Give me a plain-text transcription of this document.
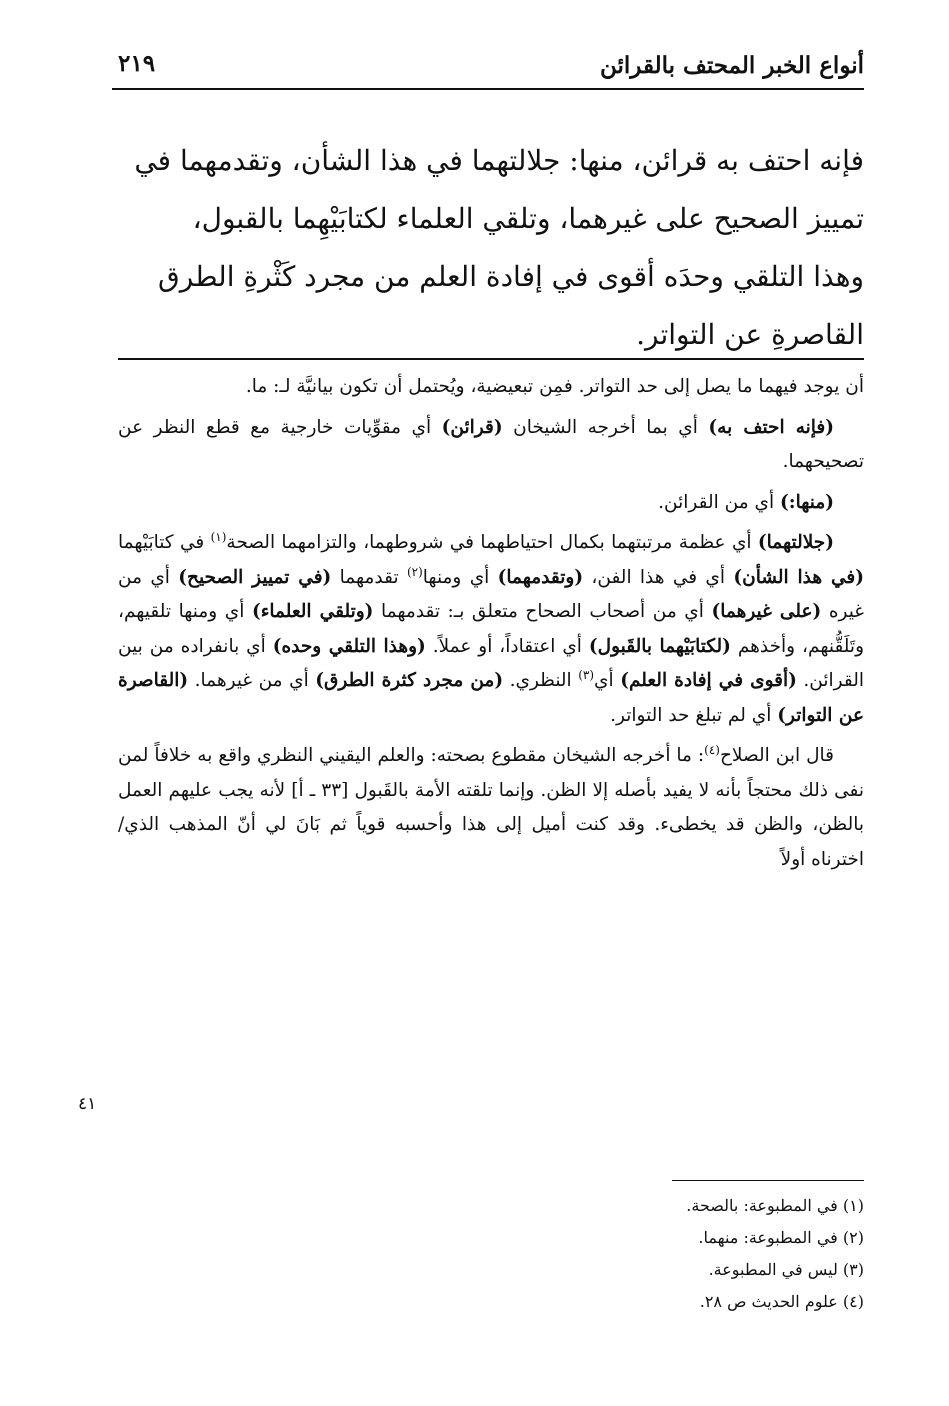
أنواع الخبر المحتف بالقرائن
٢١٩

فإنه احتف به قرائن، منها: جلالتهما في هذا الشأن، وتقدمهما في

تمييز الصحيح على غيرهما، وتلقي العلماء لكتابَيْهِما بالقبول،

وهذا التلقي وحدَه أقوى في إفادة العلم من مجرد كَثْرةِ الطرق

القاصرةِ عن التواتر.

أن يوجد فيهما ما يصل إلى حد التواتر. فمِن تبعيضية، ويُحتمل أن تكون بيانيَّة لـ: ما.

(فإنه احتف به) أي بما أخرجه الشيخان (قرائن) أي مقوِّيات خارجية مع قطع النظر عن تصحيحهما.

(منها:) أي من القرائن.

(جلالتهما) أي عظمة مرتبتهما بكمال احتياطهما في شروطهما، والتزامهما الصحة$^{(١)}$ في كتابَيْهما (في هذا الشأن) أي في هذا الفن، (وتقدمهما) أي ومنها$^{(٢)}$ تقدمهما (في تمييز الصحيح) أي من غيره (على غيرهما) أي من أصحاب الصحاح متعلق بـ: تقدمهما (وتلقي العلماء) أي ومنها تلقيهم، وتَلَقُّنهم، وأخذهم (لكتابَيْهما بالقَبول) أي اعتقاداً، أو عملاً. (وهذا التلقي وحده) أي بانفراده من بين القرائن. (أقوى في إفادة العلم) أي$^{(٣)}$ النظري. (من مجرد كثرة الطرق) أي من غيرهما. (القاصرة عن التواتر) أي لم تبلغ حد التواتر.

قال ابن الصلاح$^{(٤)}$: ما أخرجه الشيخان مقطوع بصحته: والعلم اليقيني النظري واقع به خلافاً لمن نفى ذلك محتجاً بأنه لا يفيد بأصله إلا الظن. وإنما تلقته الأمة بالقَبول [٣٣ ـ أ] لأنه يجب عليهم العمل بالظن، والظن قد يخطىء. وقد كنت أميل إلى هذا وأحسبه قوياً ثم بَانَ لي أنّ المذهب الذي/ اخترناه أولاً

٤١

(١) في المطبوعة: بالصحة.

(٢) في المطبوعة: منهما.

(٣) ليس في المطبوعة.

(٤) علوم الحديث ص ٢٨.
